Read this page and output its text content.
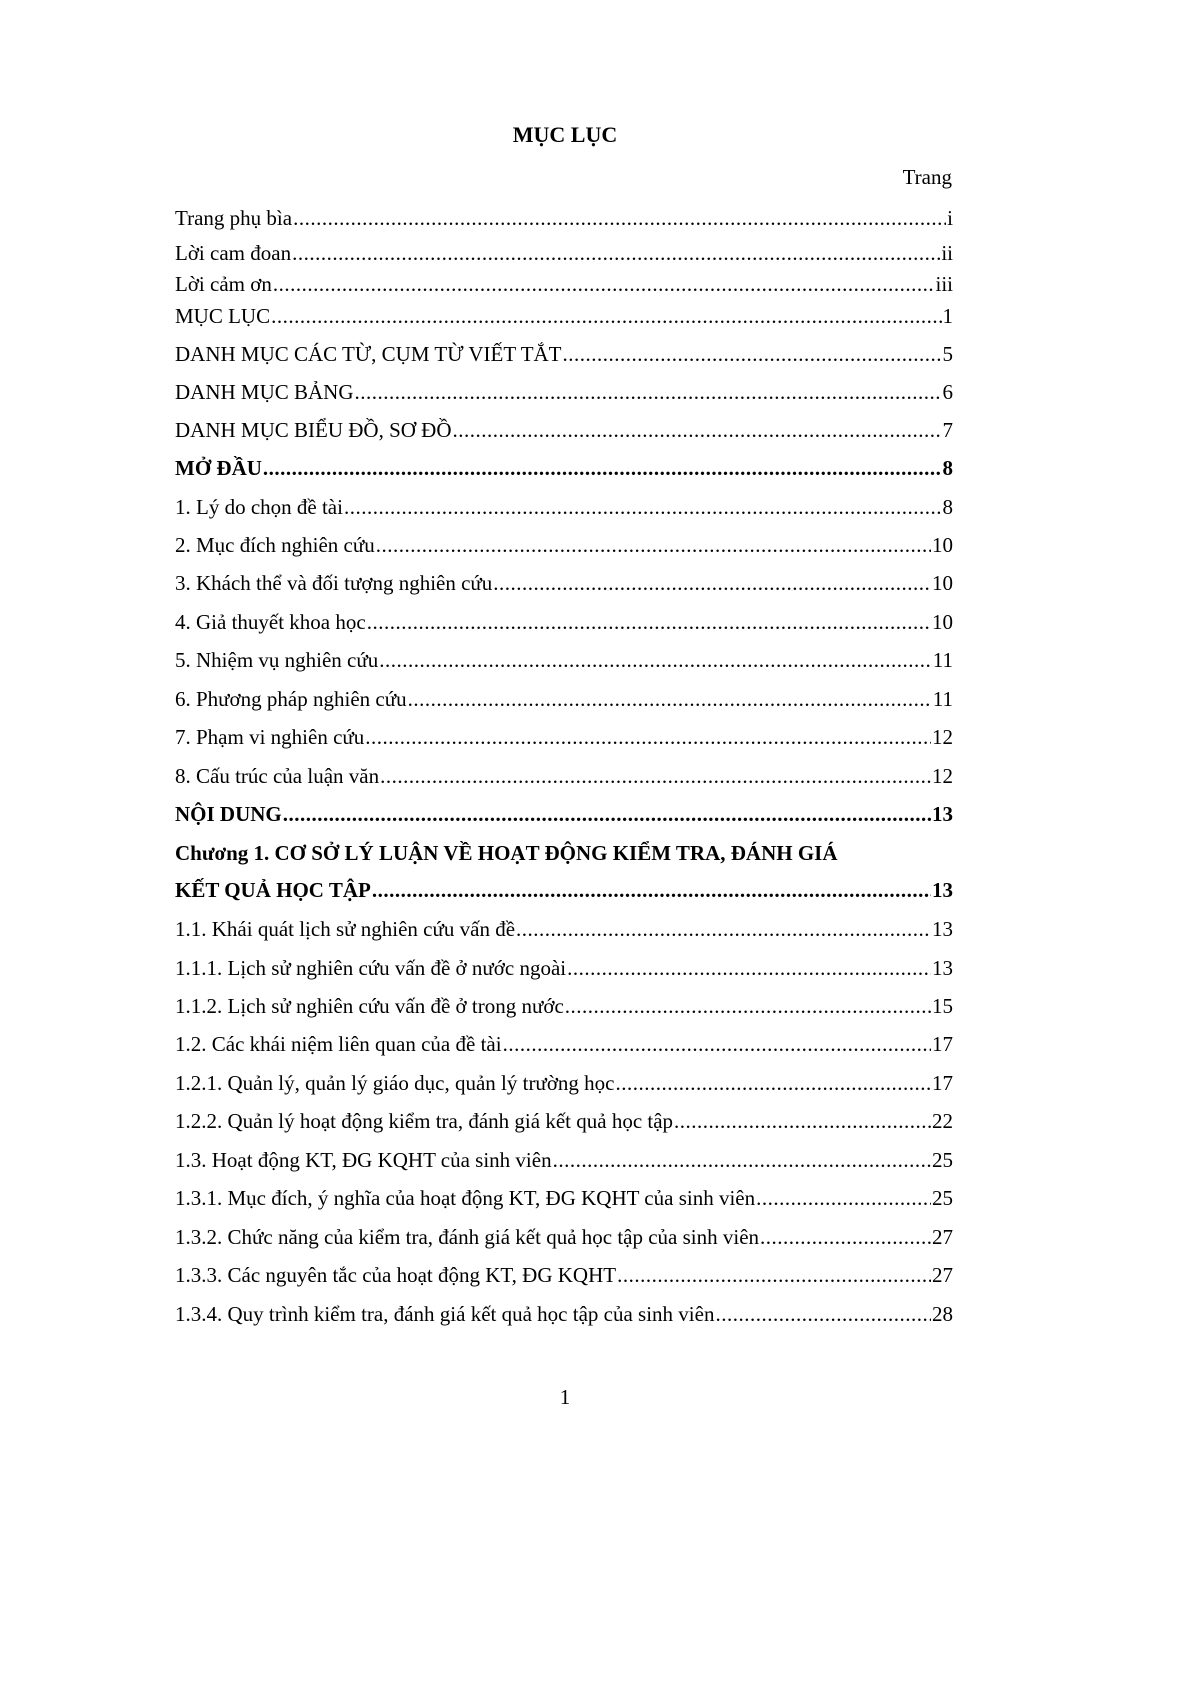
MỤC LỤC
Trang
Trang phụ bìa .....	i
Lời cam đoan .....	ii
Lời cảm ơn .....	iii
MỤC LỤC .....	1
DANH MỤC CÁC TỪ, CỤM TỪ VIẾT TẮT .....	5
DANH MỤC BẢNG .....	6
DANH MỤC BIỂU ĐỒ, SƠ ĐỒ .....	7
MỞ ĐẦU .....	8
1. Lý do chọn đề tài .....	8
2. Mục đích nghiên cứu .....	10
3. Khách thể và đối tượng nghiên cứu .....	10
4. Giả thuyết khoa học .....	10
5. Nhiệm vụ nghiên cứu .....	11
6. Phương pháp nghiên cứu .....	11
7. Phạm vi nghiên cứu .....	12
8. Cấu trúc của luận văn .....	12
NỘI DUNG .....	13
Chương 1. CƠ SỞ LÝ LUẬN VỀ HOẠT ĐỘNG KIỂM TRA, ĐÁNH GIÁ
KẾT QUẢ HỌC TẬP .....	13
1.1. Khái quát lịch sử nghiên cứu vấn đề .....	13
1.1.1. Lịch sử nghiên cứu vấn đề ở nước ngoài .....	13
1.1.2. Lịch sử nghiên cứu vấn đề ở trong nước .....	15
1.2. Các khái niệm liên quan của đề tài .....	17
1.2.1. Quản lý, quản lý giáo dục, quản lý trường học .....	17
1.2.2. Quản lý hoạt động kiểm tra, đánh giá kết quả học tập .....	22
1.3. Hoạt động KT, ĐG KQHT của sinh viên .....	25
1.3.1. Mục đích, ý nghĩa của hoạt động KT, ĐG KQHT của sinh viên .....	25
1.3.2. Chức năng của kiểm tra, đánh giá kết quả học tập của sinh viên .....	27
1.3.3. Các nguyên tắc của hoạt động KT, ĐG KQHT .....	27
1.3.4. Quy trình kiểm tra, đánh giá kết quả học tập của sinh viên .....	28
1
